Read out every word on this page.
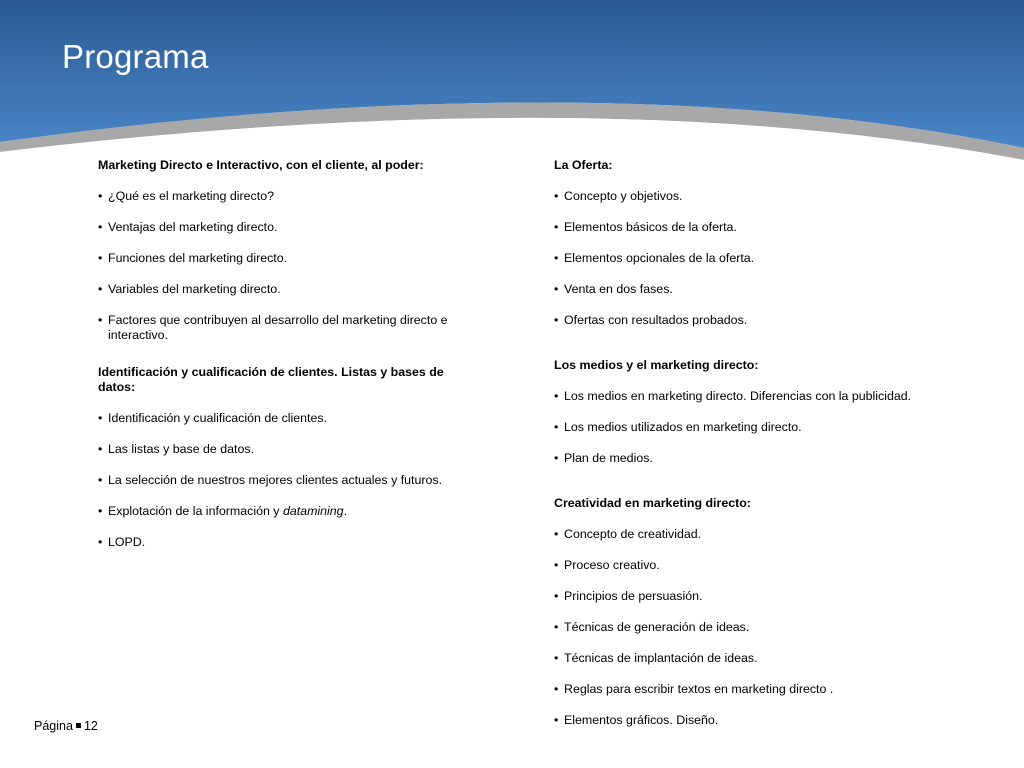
Programa

Marketing Directo e Interactivo, con el cliente, al poder:

• ¿Qué es el marketing directo?

• Ventajas del marketing directo.

• Funciones del marketing directo.

• Variables del marketing directo.

• Factores que contribuyen al desarrollo del marketing directo e interactivo.

Identificación y cualificación de clientes. Listas y bases de datos:

• Identificación y cualificación de clientes.

• Las listas y base de datos.

• La selección de nuestros mejores clientes actuales y futuros.

• Explotación de la información y datamining.

• LOPD.

La Oferta:

• Concepto y objetivos.

• Elementos básicos de la oferta.

• Elementos opcionales de la oferta.

• Venta en dos fases.

• Ofertas con resultados probados.

Los medios y el marketing directo:

• Los medios en marketing directo. Diferencias con la publicidad.

• Los medios utilizados en marketing directo.

• Plan de medios.

Creatividad en marketing directo:

• Concepto de creatividad.

• Proceso creativo.

• Principios de persuasión.

• Técnicas de generación de ideas.

• Técnicas de implantación de ideas.

• Reglas para escribir textos en marketing directo .

• Elementos gráficos. Diseño.

Página 12
